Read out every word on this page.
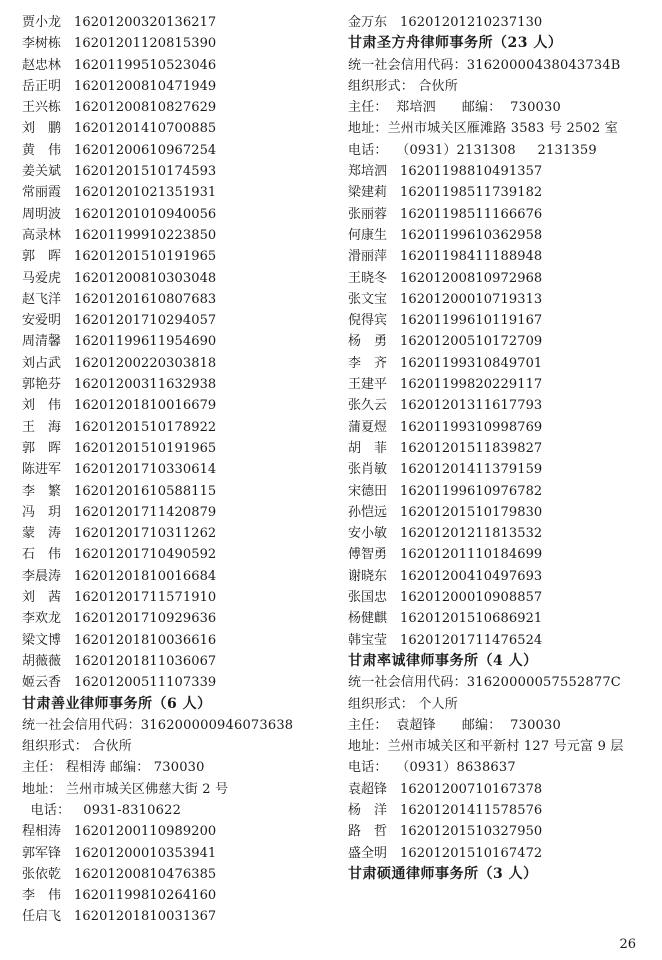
贾小龙 16201200320136217
李树栋 16201201120815390
赵忠林 16201199510523046
岳正明 16201200810471949
王兴栋 16201200810827629
刘　鹏 16201201410700885
黄　伟 16201200610967254
姜关斌 16201201510174593
常丽霞 16201201021351931
周明波 16201201010940056
高录林 16201199910223850
郭　晖 16201201510191965
马爱虎 16201200810303048
赵飞洋 16201201610807683
安爱明 16201201710294057
周清馨 16201199611954690
刘占武 16201200220303818
郭艳芬 16201200311632938
刘　伟 16201201810016679
王　海 16201201510178922
郭　晖 16201201510191965
陈进军 16201201710330614
李　繁 16201201610588115
冯　玥 16201201711420879
蒙　涛 16201201710311262
石　伟 16201201710490592
李晨涛 16201201810016684
刘　茜 16201201711571910
李欢龙 16201201710929636
梁文博 16201201810036616
胡薇薇 16201201811036067
姬云香 16201200511107339
甘肃善业律师事务所（6 人）
统一社会信用代码：316200000946073638
组织形式： 合伙所
主任： 程相涛 邮编： 730030
地址： 兰州市城关区佛慈大街 2 号
电话：   0931-8310622
程相涛 16201200110989200
郭军锋 16201200010353941
张依乾 16201200810476385
李　伟 16201199810264160
任启飞 16201201810031367
金万东 16201201210237130
甘肃圣方舟律师事务所（23 人）
统一社会信用代码：31620000438043734B
组织形式： 合伙所
主任：  郑培泗      邮编：  730030
地址：兰州市城关区雁滩路 3583 号 2502 室
电话：  （0931）2131308     2131359
郑培泗 16201198810491357
梁建莉 16201198511739182
张丽蓉 16201198511166676
何康生 16201199610362958
滑丽萍 16201198411188948
王晓冬 16201200810972968
张文宝 16201200010719313
倪得宾 16201199610119167
杨　勇 16201200510172709
李　齐 16201199310849701
王建平 16201199820229117
张久云 16201201311617793
蒲夏煜 16201199310998769
胡　菲 16201201511839827
张肖敏 16201201411379159
宋德田 16201199610976782
孙恺远 16201201510179830
安小敏 16201201211813532
傅智勇 16201201110184699
谢晓东 16201200410497693
张国忠 16201200010908857
杨健麒 16201201510686921
韩宝莹 16201201711476524
甘肃率诚律师事务所（4 人）
统一社会信用代码：31620000057552877C
组织形式： 个人所
主任：  袁超锋      邮编：  730030
地址：兰州市城关区和平新村 127 号元富 9 层
电话：  （0931）8638637
袁超锋 16201200710167378
杨　洋 16201201411578576
路　哲 16201201510327950
盛全明 16201201510167472
甘肃硕通律师事务所（3 人）
26
